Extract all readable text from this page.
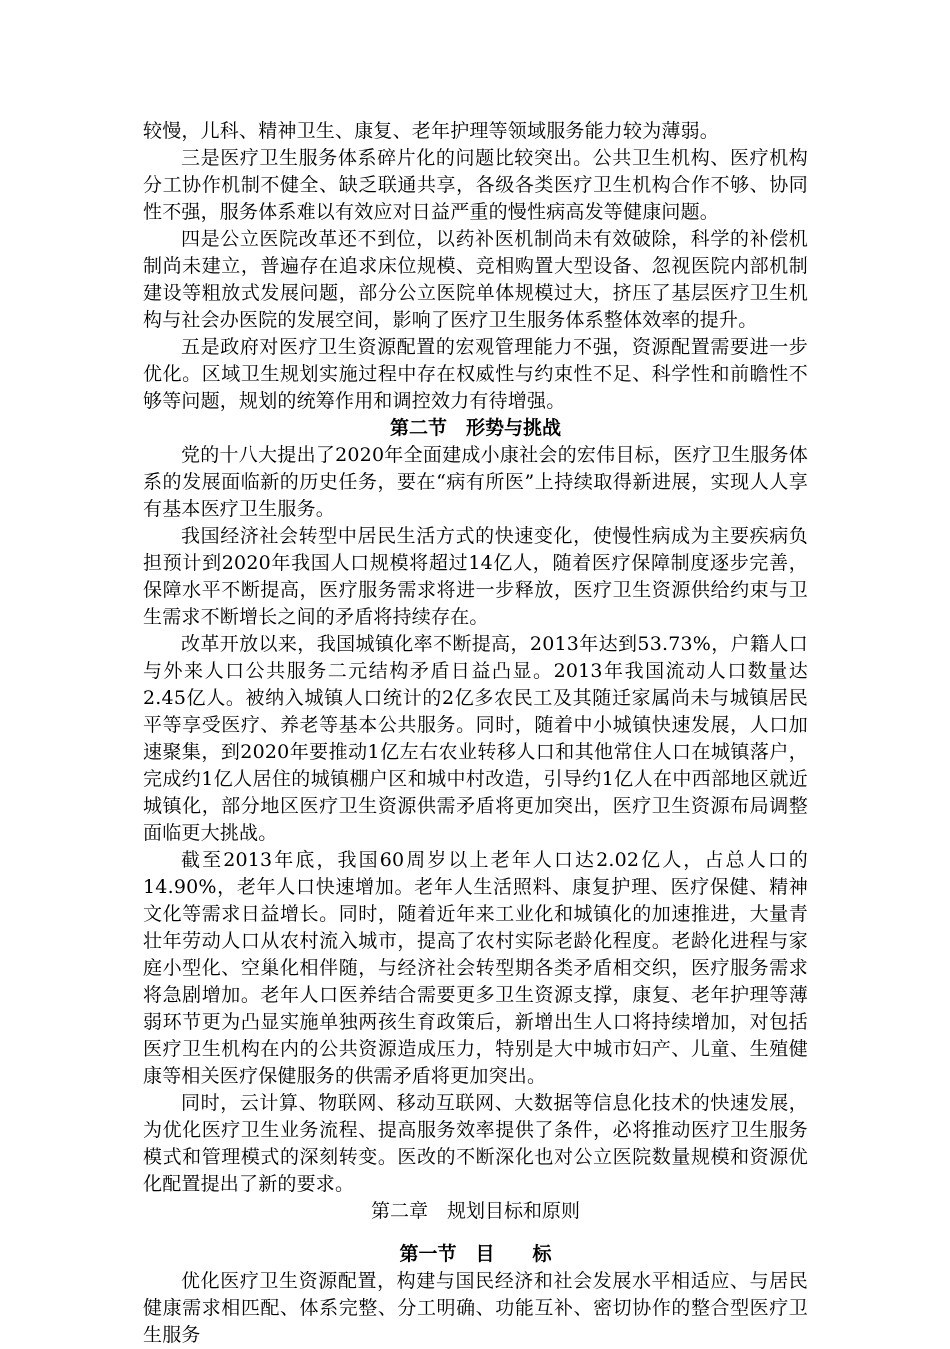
较慢，儿科、精神卫生、康复、老年护理等领域服务能力较为薄弱。

三是医疗卫生服务体系碎片化的问题比较突出。公共卫生机构、医疗机构分工协作机制不健全、缺乏联通共享，各级各类医疗卫生机构合作不够、协同性不强，服务体系难以有效应对日益严重的慢性病高发等健康问题。

四是公立医院改革还不到位，以药补医机制尚未有效破除，科学的补偿机制尚未建立，普遍存在追求床位规模、竞相购置大型设备、忽视医院内部机制建设等粗放式发展问题，部分公立医院单体规模过大，挤压了基层医疗卫生机构与社会办医院的发展空间，影响了医疗卫生服务体系整体效率的提升。

五是政府对医疗卫生资源配置的宏观管理能力不强，资源配置需要进一步优化。区域卫生规划实施过程中存在权威性与约束性不足、科学性和前瞻性不够等问题，规划的统筹作用和调控效力有待增强。

第二节　形势与挑战

党的十八大提出了2020年全面建成小康社会的宏伟目标，医疗卫生服务体系的发展面临新的历史任务，要在“病有所医”上持续取得新进展，实现人人享有基本医疗卫生服务。

我国经济社会转型中居民生活方式的快速变化，使慢性病成为主要疾病负担预计到2020年我国人口规模将超过14亿人，随着医疗保障制度逐步完善，保障水平不断提高，医疗服务需求将进一步释放，医疗卫生资源供给约束与卫生需求不断增长之间的矛盾将持续存在。

改革开放以来，我国城镇化率不断提高，2013年达到53.73%，户籍人口与外来人口公共服务二元结构矛盾日益凸显。2013年我国流动人口数量达2.45亿人。被纳入城镇人口统计的2亿多农民工及其随迁家属尚未与城镇居民平等享受医疗、养老等基本公共服务。同时，随着中小城镇快速发展，人口加速聚集，到2020年要推动1亿左右农业转移人口和其他常住人口在城镇落户，完成约1亿人居住的城镇棚户区和城中村改造，引导约1亿人在中西部地区就近城镇化，部分地区医疗卫生资源供需矛盾将更加突出，医疗卫生资源布局调整面临更大挑战。

截至2013年底，我国60周岁以上老年人口达2.02亿人，占总人口的14.90%，老年人口快速增加。老年人生活照料、康复护理、医疗保健、精神文化等需求日益增长。同时，随着近年来工业化和城镇化的加速推进，大量青壮年劳动人口从农村流入城市，提高了农村实际老龄化程度。老龄化进程与家庭小型化、空巢化相伴随，与经济社会转型期各类矛盾相交织，医疗服务需求将急剧增加。老年人口医养结合需要更多卫生资源支撑，康复、老年护理等薄弱环节更为凸显实施单独两孩生育政策后，新增出生人口将持续增加，对包括医疗卫生机构在内的公共资源造成压力，特别是大中城市妇产、儿童、生殖健康等相关医疗保健服务的供需矛盾将更加突出。

同时，云计算、物联网、移动互联网、大数据等信息化技术的快速发展，为优化医疗卫生业务流程、提高服务效率提供了条件，必将推动医疗卫生服务模式和管理模式的深刻转变。医改的不断深化也对公立医院数量规模和资源优化配置提出了新的要求。

第二章　规划目标和原则
第一节　目　　标

优化医疗卫生资源配置，构建与国民经济和社会发展水平相适应、与居民健康需求相匹配、体系完整、分工明确、功能互补、密切协作的整合型医疗卫生服务
